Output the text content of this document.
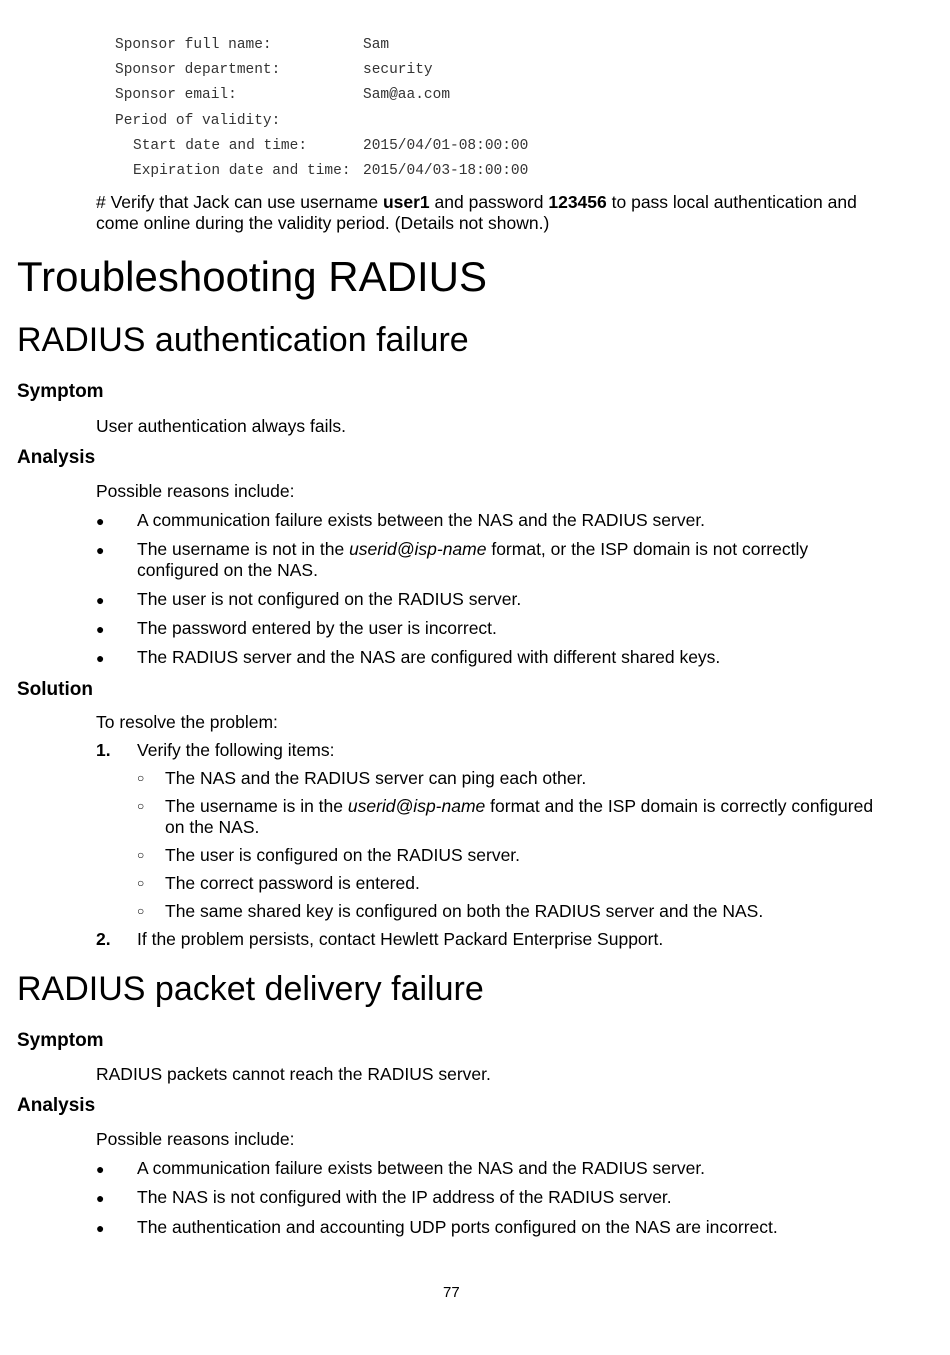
Sponsor full name:	Sam
Sponsor department:	security
Sponsor email:	Sam@aa.com
Period of validity:
Start date and time:	2015/04/01-08:00:00
Expiration date and time: 2015/04/03-18:00:00

# Verify that Jack can use username user1 and password 123456 to pass local authentication and come online during the validity period. (Details not shown.)

Troubleshooting RADIUS
RADIUS authentication failure
Symptom

User authentication always fails.

Analysis

Possible reasons include:

● A communication failure exists between the NAS and the RADIUS server.

● The username is not in the userid@isp-name format, or the ISP domain is not correctly configured on the NAS.

● The user is not configured on the RADIUS server.

● The password entered by the user is incorrect.

● The RADIUS server and the NAS are configured with different shared keys.

Solution

To resolve the problem:

1. Verify the following items:

○ The NAS and the RADIUS server can ping each other.

○ The username is in the userid@isp-name format and the ISP domain is correctly configured on the NAS.

○ The user is configured on the RADIUS server.

○ The correct password is entered.

○ The same shared key is configured on both the RADIUS server and the NAS.

2. If the problem persists, contact Hewlett Packard Enterprise Support.

RADIUS packet delivery failure
Symptom

RADIUS packets cannot reach the RADIUS server.

Analysis

Possible reasons include:

● A communication failure exists between the NAS and the RADIUS server.

● The NAS is not configured with the IP address of the RADIUS server.

● The authentication and accounting UDP ports configured on the NAS are incorrect.

77
